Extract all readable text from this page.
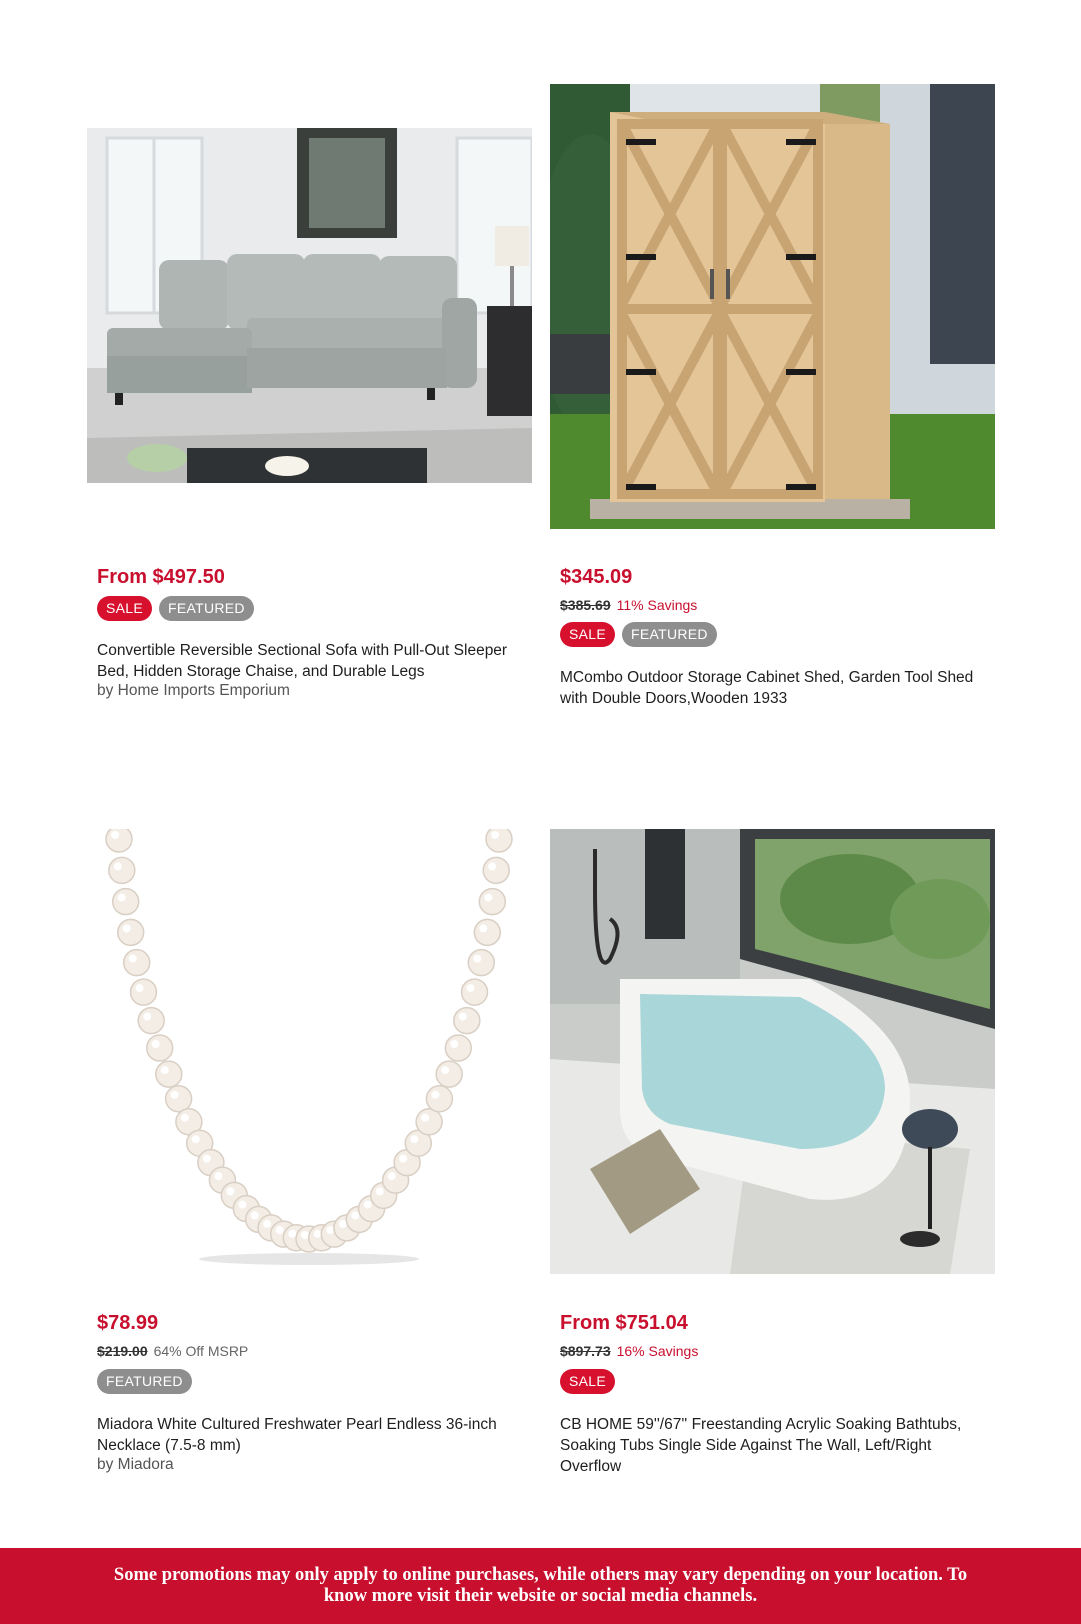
From $497.50
SALE	FEATURED
Convertible Reversible Sectional Sofa with Pull-Out Sleeper Bed, Hidden Storage Chaise, and Durable Legs
by Home Imports Emporium
$345.09
$385.69 11% Savings
SALE	FEATURED
MCombo Outdoor Storage Cabinet Shed, Garden Tool Shed with Double Doors,Wooden 1933
$78.99
$219.00 64% Off MSRP
FEATURED
Miadora White Cultured Freshwater Pearl Endless 36-inch Necklace (7.5-8 mm)
by Miadora
From $751.04
$897.73 16% Savings
SALE
CB HOME 59''/67'' Freestanding Acrylic Soaking Bathtubs, Soaking Tubs Single Side Against The Wall, Left/Right Overflow

Some promotions may only apply to online purchases, while others may vary depending on your location. To know more visit their website or social media channels.
